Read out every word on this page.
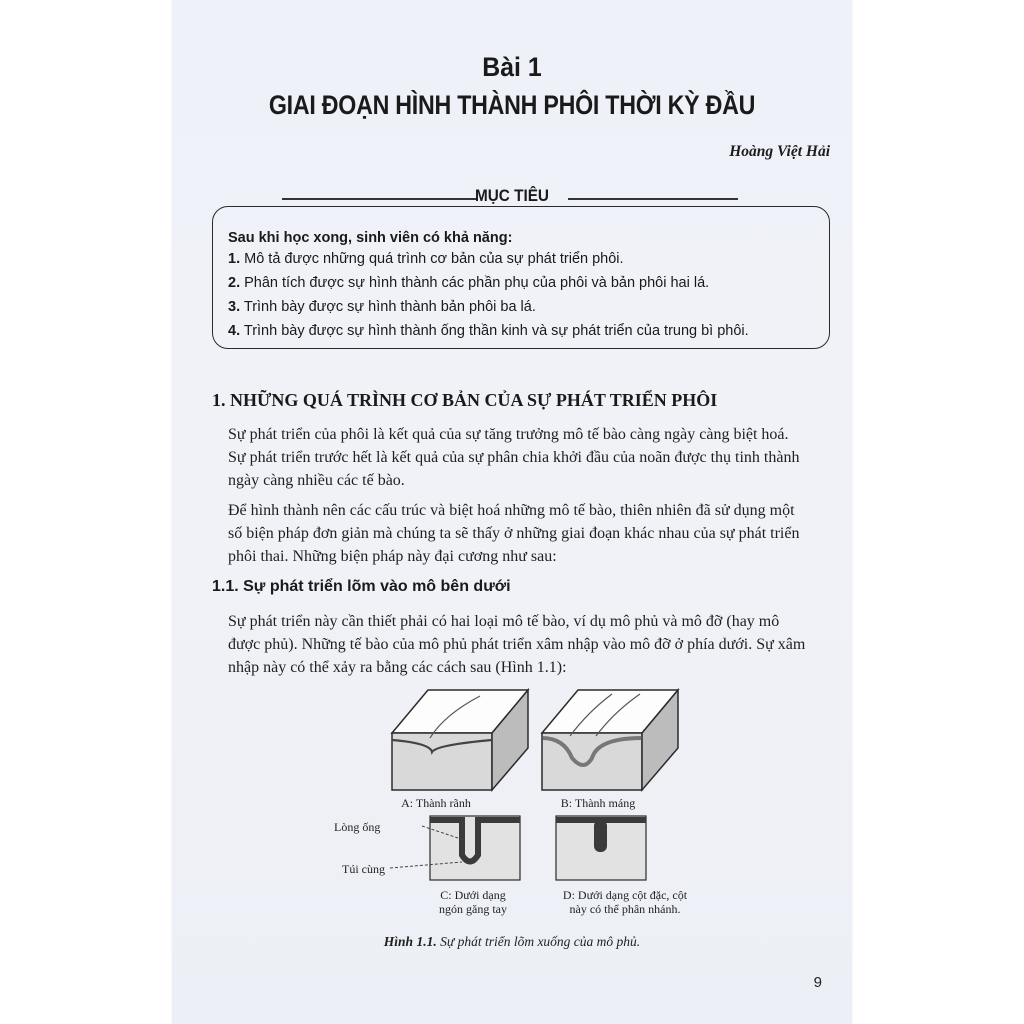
Bài 1
GIAI ĐOẠN HÌNH THÀNH PHÔI THỜI KỲ ĐẦU
Hoàng Việt Hải
MỤC TIÊU
Sau khi học xong, sinh viên có khả năng:
1. Mô tả được những quá trình cơ bản của sự phát triển phôi.
2. Phân tích được sự hình thành các phần phụ của phôi và bản phôi hai lá.
3. Trình bày được sự hình thành bản phôi ba lá.
4. Trình bày được sự hình thành ống thần kinh và sự phát triển của trung bì phôi.
1. NHỮNG QUÁ TRÌNH CƠ BẢN CỦA SỰ PHÁT TRIỂN PHÔI
Sự phát triển của phôi là kết quả của sự tăng trưởng mô tế bào càng ngày càng biệt hoá.
Sự phát triển trước hết là kết quả của sự phân chia khởi đầu của noãn được thụ tinh thành
ngày càng nhiều các tế bào.
Để hình thành nên các cấu trúc và biệt hoá những mô tế bào, thiên nhiên đã sử dụng một
số biện pháp đơn giản mà chúng ta sẽ thấy ở những giai đoạn khác nhau của sự phát triển
phôi thai. Những biện pháp này đại cương như sau:
1.1. Sự phát triển lõm vào mô bên dưới
Sự phát triển này cần thiết phải có hai loại mô tế bào, ví dụ mô phủ và mô đỡ (hay mô
được phủ). Những tế bào của mô phủ phát triển xâm nhập vào mô đỡ ở phía dưới. Sự xâm
nhập này có thể xảy ra bằng các cách sau (Hình 1.1):
A: Thành rãnh	B: Thành máng
Lòng ống
Túi cùng
C: Dưới dạng
ngón găng tay
D: Dưới dạng cột đặc, cột
này có thể phân nhánh.
Hình 1.1. Sự phát triển lõm xuống của mô phủ.
9
